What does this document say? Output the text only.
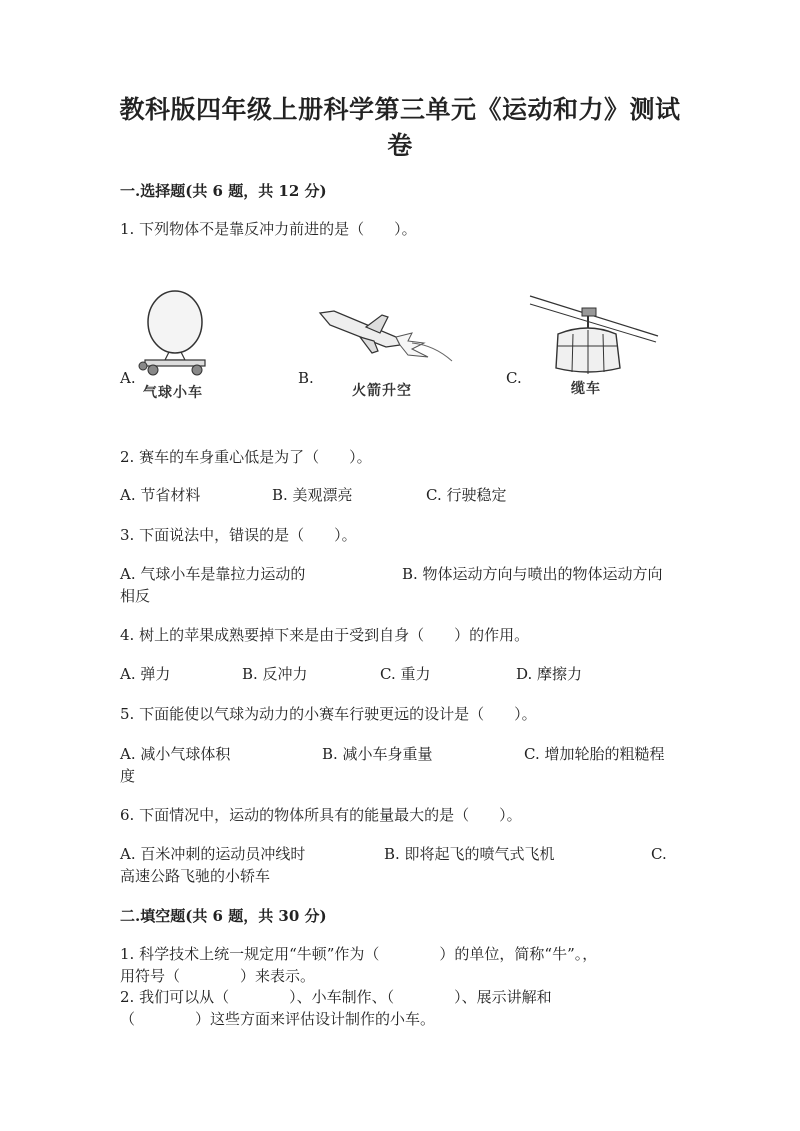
教科版四年级上册科学第三单元《运动和力》测试
卷
一.选择题(共 6 题，共 12 分)
1. 下列物体不是靠反冲力前进的是（　　）。
A.
气球小车
B.
火箭升空
C.
缆车
2. 赛车的车身重心低是为了（　　）。
A. 节省材料	B. 美观漂亮	C. 行驶稳定
3. 下面说法中，错误的是（　　）。
A. 气球小车是靠拉力运动的	B. 物体运动方向与喷出的物体运动方向
相反
4. 树上的苹果成熟要掉下来是由于受到自身（　　）的作用。
A. 弹力	B. 反冲力	C. 重力	D. 摩擦力
5. 下面能使以气球为动力的小赛车行驶更远的设计是（　　）。
A. 减小气球体积	B. 减小车身重量	C. 增加轮胎的粗糙程
度
6. 下面情况中，运动的物体所具有的能量最大的是（　　）。
A. 百米冲刺的运动员冲线时	B. 即将起飞的喷气式飞机	C.
高速公路飞驰的小轿车
二.填空题(共 6 题，共 30 分)
1. 科学技术上统一规定用“牛顿”作为（　　　　）的单位，简称“牛”。，
用符号（　　　　）来表示。
2. 我们可以从（　　　　）、小车制作、（　　　　）、展示讲解和
（　　　　）这些方面来评估设计制作的小车。
